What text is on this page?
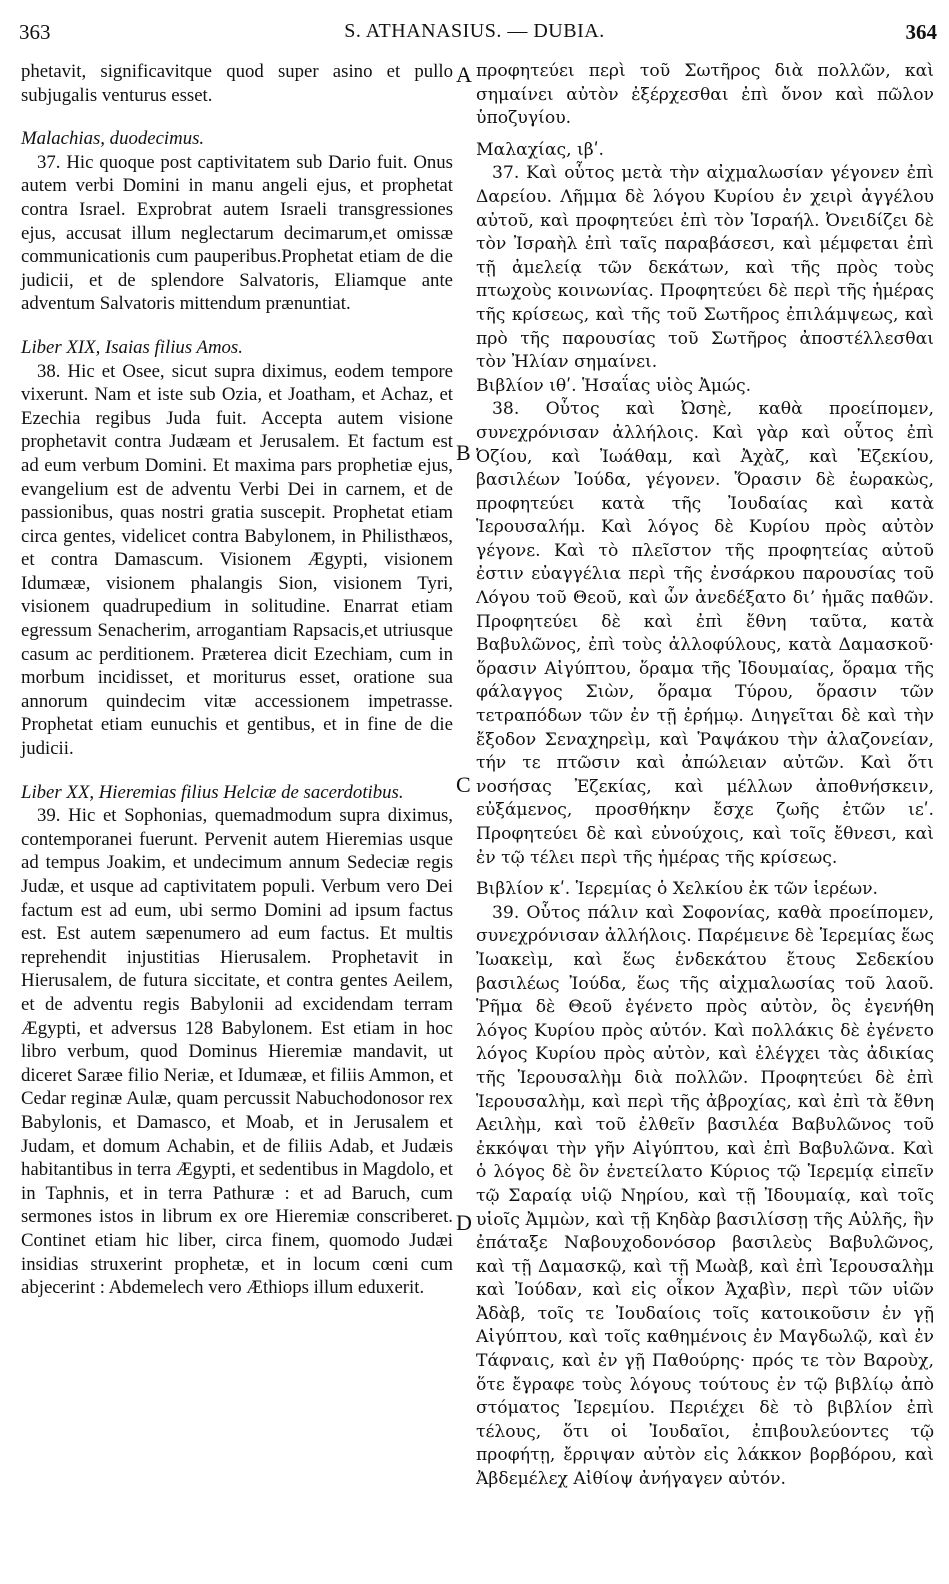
363	S. ATHANASIUS. — DUBIA.	364

phetavit, significavitque quod super asino et pullo subjugalis venturus esset.

Malachias, duodecimus.

37. Hic quoque post captivitatem sub Dario fuit. Onus autem verbi Domini in manu angeli ejus, et prophetat contra Israel. Exprobrat autem Israeli transgressiones ejus, accusat illum neglectarum decimarum,et omissæ communicationis cum pauperibus.Prophetat etiam de die judicii, et de splendore Salvatoris, Eliamque ante adventum Salvatoris mittendum prænuntiat.

Liber XIX, Isaias filius Amos.

38. Hic et Osee, sicut supra diximus, eodem tempore vixerunt. Nam et iste sub Ozia, et Joatham, et Achaz, et Ezechia regibus Juda fuit. Accepta autem visione prophetavit contra Judæam et Jerusalem. Et factum est ad eum verbum Domini. Et maxima pars prophetiæ ejus, evangelium est de adventu Verbi Dei in carnem, et de passionibus, quas nostri gratia suscepit. Prophetat etiam circa gentes, videlicet contra Babylonem, in Philisthæos, et contra Damascum. Visionem Ægypti, visionem Idumææ, visionem phalangis Sion, visionem Tyri, visionem quadrupedium in solitudine. Enarrat etiam egressum Senacherim, arrogantiam Rapsacis,et utriusque casum ac perditionem. Præterea dicit Ezechiam, cum in morbum incidisset, et moriturus esset, oratione sua annorum quindecim vitæ accessionem impetrasse. Prophetat etiam eunuchis et gentibus, et in fine de die judicii.

Liber XX, Hieremias filius Helciæ de sacerdotibus.

39. Hic et Sophonias, quemadmodum supra diximus, contemporanei fuerunt. Pervenit autem Hieremias usque ad tempus Joakim, et undecimum annum Sedeciæ regis Judæ, et usque ad captivitatem populi. Verbum vero Dei factum est ad eum, ubi sermo Domini ad ipsum factus est. Est autem sæpenumero ad eum factus. Et multis reprehendit injustitias Hierusalem. Prophetavit in Hierusalem, de futura siccitate, et contra gentes Aeilem, et de adventu regis Babylonii ad excidendam terram Ægypti, et adversus 128 Babylonem. Est etiam in hoc libro verbum, quod Dominus Hieremiæ mandavit, ut diceret Saræe filio Neriæ, et Idumææ, et filiis Ammon, et Cedar reginæ Aulæ, quam percussit Nabuchodonosor rex Babylonis, et Damasco, et Moab, et in Jerusalem et Judam, et domum Achabin, et de filiis Adab, et Judæis habitantibus in terra Ægypti, et sedentibus in Magdolo, et in Taphnis, et in terra Pathuræ : et ad Baruch, cum sermones istos in librum ex ore Hieremiæ conscriberet. Continet etiam hic liber, circa finem, quomodo Judæi insidias struxerint prophetæ, et in locum cœni cum abjecerint : Abdemelech vero Æthiops illum eduxerit.

A
B
C
D

προφητεύει περὶ τοῦ Σωτῆρος διὰ πολλῶν, καὶ σημαίνει αὐτὸν ἐξέρχεσθαι ἐπὶ ὄνον καὶ πῶλον ὑποζυγίου.

Μαλαχίας, ιβʹ.

37. Καὶ οὗτος μετὰ τὴν αἰχμαλωσίαν γέγονεν ἐπὶ Δαρείου. Λῆμμα δὲ λόγου Κυρίου ἐν χειρὶ ἀγγέλου αὐτοῦ, καὶ προφητεύει ἐπὶ τὸν Ἰσραήλ. Ὀνειδίζει δὲ τὸν Ἰσραὴλ ἐπὶ ταῖς παραβάσεσι, καὶ μέμφεται ἐπὶ τῇ ἀμελείᾳ τῶν δεκάτων, καὶ τῆς πρὸς τοὺς πτωχοὺς κοινωνίας. Προφητεύει δὲ περὶ τῆς ἡμέρας τῆς κρίσεως, καὶ τῆς τοῦ Σωτῆρος ἐπιλάμψεως, καὶ πρὸ τῆς παρουσίας τοῦ Σωτῆρος ἀποστέλλεσθαι τὸν Ἠλίαν σημαίνει.

Βιβλίον ιθʹ. Ἡσαΐας υἱὸς Ἀμώς.

38. Οὗτος καὶ Ὠσηὲ, καθὰ προείπομεν, συνεχρόνισαν ἀλλήλοις. Καὶ γὰρ καὶ οὗτος ἐπὶ Ὀζίου, καὶ Ἰωάθαμ, καὶ Ἀχὰζ, καὶ Ἐζεκίου, βασιλέων Ἰούδα, γέγονεν. Ὅρασιν δὲ ἑωρακὼς, προφητεύει κατὰ τῆς Ἰουδαίας καὶ κατὰ Ἱερουσαλήμ. Καὶ λόγος δὲ Κυρίου πρὸς αὐτὸν γέγονε. Καὶ τὸ πλεῖστον τῆς προφητείας αὐτοῦ ἐστιν εὐαγγέλια περὶ τῆς ἐνσάρκου παρουσίας τοῦ Λόγου τοῦ Θεοῦ, καὶ ὧν ἀνεδέξατο δι’ ἡμᾶς παθῶν. Προφητεύει δὲ καὶ ἐπὶ ἔθνη ταῦτα, κατὰ Βαβυλῶνος, ἐπὶ τοὺς ἀλλοφύλους, κατὰ Δαμασκοῦ· ὅρασιν Αἰγύπτου, ὅραμα τῆς Ἰδουμαίας, ὅραμα τῆς φάλαγγος Σιὼν, ὅραμα Τύρου, ὅρασιν τῶν τετραπόδων τῶν ἐν τῇ ἐρήμῳ. Διηγεῖται δὲ καὶ τὴν ἔξοδον Σεναχηρεὶμ, καὶ Ῥαψάκου τὴν ἀλαζονείαν, τήν τε πτῶσιν καὶ ἀπώλειαν αὐτῶν. Καὶ ὅτι νοσήσας Ἐζεκίας, καὶ μέλλων ἀποθνήσκειν, εὐξάμενος, προσθήκην ἔσχε ζωῆς ἐτῶν ιεʹ. Προφητεύει δὲ καὶ εὐνούχοις, καὶ τοῖς ἔθνεσι, καὶ ἐν τῷ τέλει περὶ τῆς ἡμέρας τῆς κρίσεως.

Βιβλίον κʹ. Ἱερεμίας ὁ Χελκίου ἐκ τῶν ἱερέων.

39. Οὗτος πάλιν καὶ Σοφονίας, καθὰ προείπομεν, συνεχρόνισαν ἀλλήλοις. Παρέμεινε δὲ Ἱερεμίας ἕως Ἰωακεὶμ, καὶ ἕως ἑνδεκάτου ἔτους Σεδεκίου βασιλέως Ἰούδα, ἕως τῆς αἰχμαλωσίας τοῦ λαοῦ. Ῥῆμα δὲ Θεοῦ ἐγένετο πρὸς αὐτὸν, ὃς ἐγενήθη λόγος Κυρίου πρὸς αὐτόν. Καὶ πολλάκις δὲ ἐγένετο λόγος Κυρίου πρὸς αὐτὸν, καὶ ἐλέγχει τὰς ἀδικίας τῆς Ἱερουσαλὴμ διὰ πολλῶν. Προφητεύει δὲ ἐπὶ Ἱερουσαλὴμ, καὶ περὶ τῆς ἀβροχίας, καὶ ἐπὶ τὰ ἔθνη Αειλὴμ, καὶ τοῦ ἐλθεῖν βασιλέα Βαβυλῶνος τοῦ ἐκκόψαι τὴν γῆν Αἰγύπτου, καὶ ἐπὶ Βαβυλῶνα. Καὶ ὁ λόγος δὲ ὃν ἐνετείλατο Κύριος τῷ Ἱερεμίᾳ εἰπεῖν τῷ Σαραίᾳ υἱῷ Νηρίου, καὶ τῇ Ἰδουμαίᾳ, καὶ τοῖς υἱοῖς Ἀμμὼν, καὶ τῇ Κηδὰρ βασιλίσσῃ τῆς Αὐλῆς, ἣν ἐπάταξε Ναβουχοδονόσορ βασιλεὺς Βαβυλῶνος, καὶ τῇ Δαμασκῷ, καὶ τῇ Μωὰβ, καὶ ἐπὶ Ἱερουσαλὴμ καὶ Ἰούδαν, καὶ εἰς οἶκον Ἀχαβὶν, περὶ τῶν υἱῶν Ἀδὰβ, τοῖς τε Ἰουδαίοις τοῖς κατοικοῦσιν ἐν γῇ Αἰγύπτου, καὶ τοῖς καθημένοις ἐν Μαγδωλῷ, καὶ ἐν Τάφναις, καὶ ἐν γῇ Παθούρης· πρός τε τὸν Βαροὺχ, ὅτε ἔγραφε τοὺς λόγους τούτους ἐν τῷ βιβλίῳ ἀπὸ στόματος Ἱερεμίου. Περιέχει δὲ τὸ βιβλίον ἐπὶ τέλους, ὅτι οἱ Ἰουδαῖοι, ἐπιβουλεύοντες τῷ προφήτῃ, ἔρριψαν αὐτὸν εἰς λάκκον βορβόρου, καὶ Ἀβδεμέλεχ Αἰθίοψ ἀνήγαγεν αὐτόν.
